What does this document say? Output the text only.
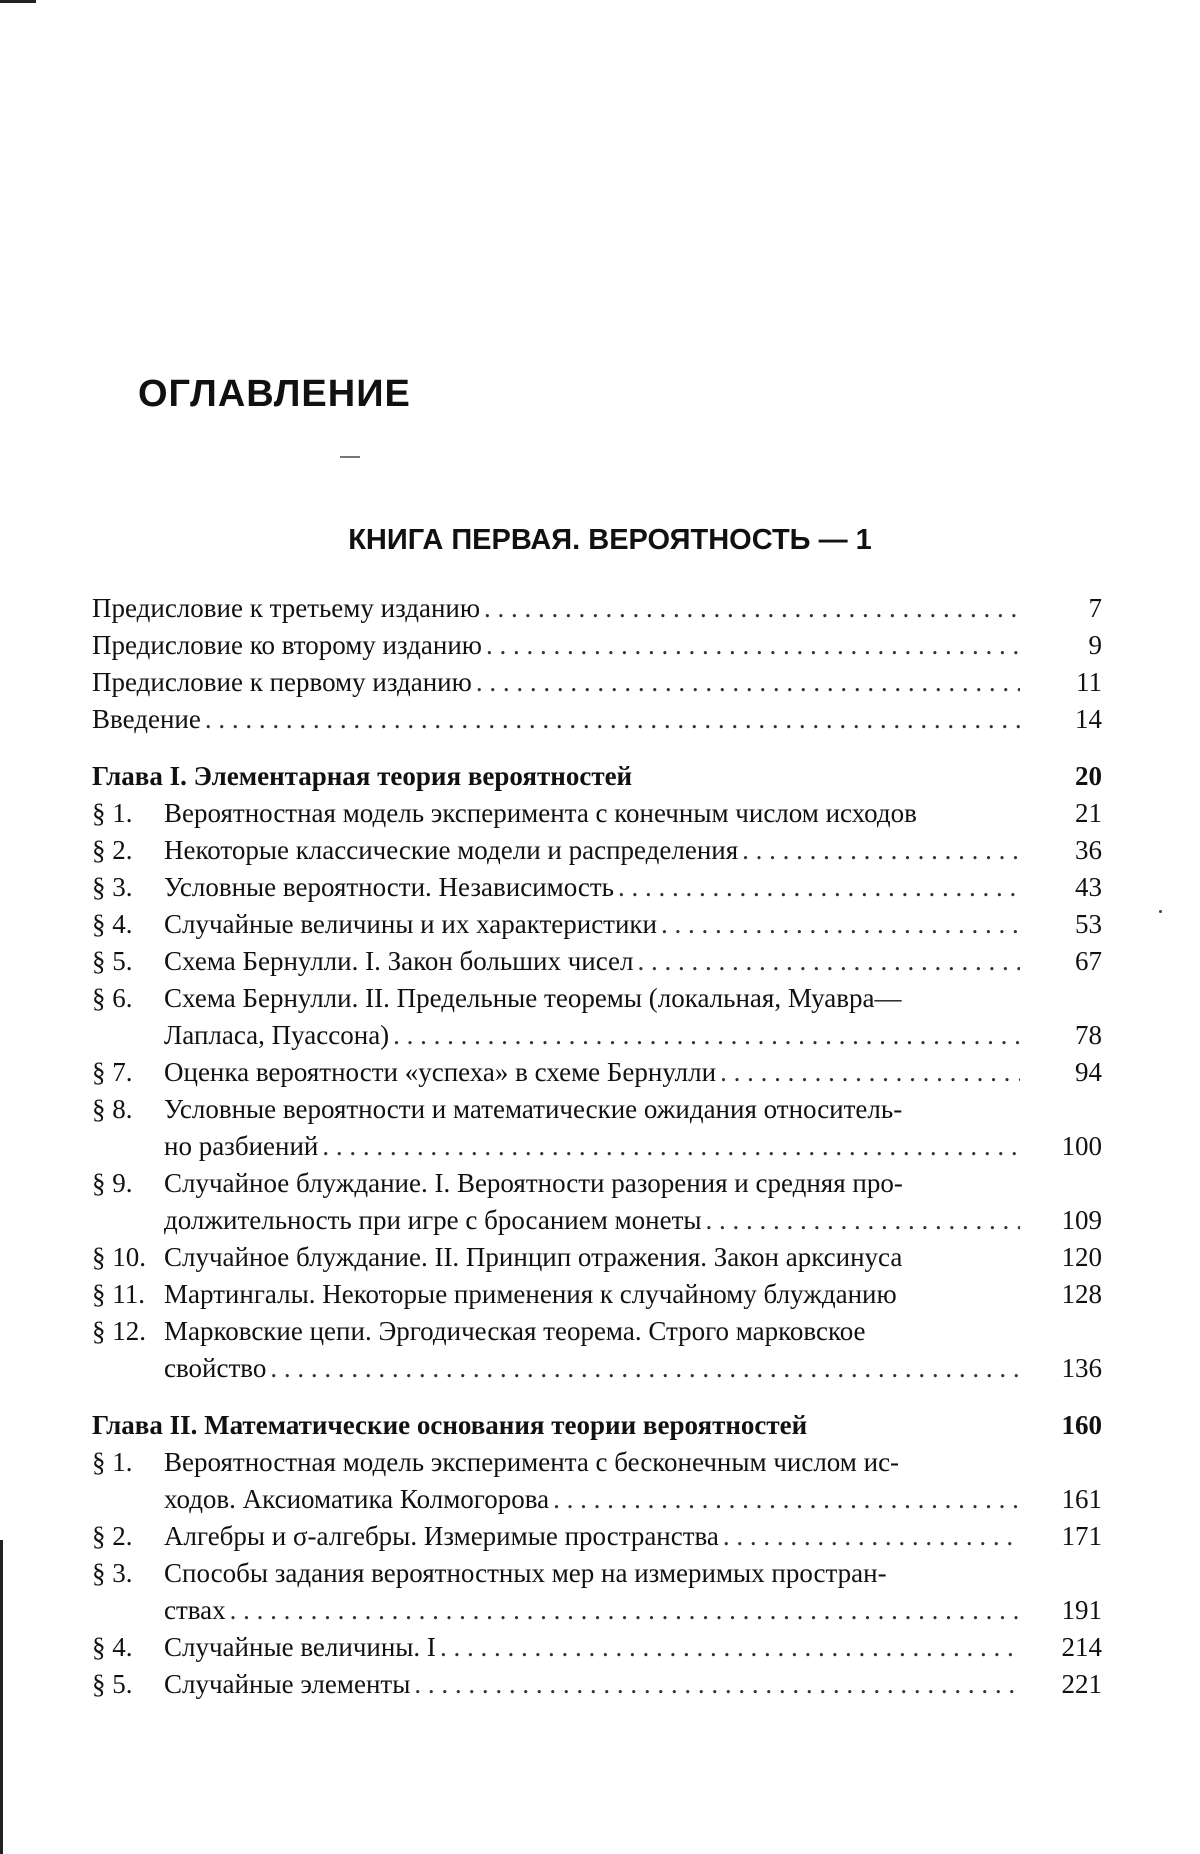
ОГЛАВЛЕНИЕ
КНИГА ПЕРВАЯ. ВЕРОЯТНОСТЬ — 1
Предисловие к третьему изданию . . .	7
Предисловие ко второму изданию . . .	9
Предисловие к первому изданию . . .	11
Введение . . .	14
Глава I. Элементарная теория вероятностей	20
§ 1.	Вероятностная модель эксперимента с конечным числом исходов	21
§ 2.	Некоторые классические модели и распределения . . .	36
§ 3.	Условные вероятности. Независимость . . .	43
§ 4.	Случайные величины и их характеристики . . .	53
§ 5.	Схема Бернулли. I. Закон больших чисел . . .	67
§ 6.	Схема Бернулли. II. Предельные теоремы (локальная, Муавра—
Лапласа, Пуассона) . . .	78
§ 7.	Оценка вероятности «успеха» в схеме Бернулли . . .	94
§ 8.	Условные вероятности и математические ожидания относитель-
но разбиений . . .	100
§ 9.	Случайное блуждание. I. Вероятности разорения и средняя про-
должительность при игре с бросанием монеты . . .	109
§ 10. Случайное блуждание. II. Принцип отражения. Закон арксинуса	120
§ 11. Мартингалы. Некоторые применения к случайному блужданию	128
§ 12. Марковские цепи. Эргодическая теорема. Строго марковское
свойство . . .	136
Глава II. Математические основания теории вероятностей	160
§ 1.	Вероятностная модель эксперимента с бесконечным числом ис-
ходов. Аксиоматика Колмогорова . . .	161
§ 2.	Алгебры и σ-алгебры. Измеримые пространства . . .	171
§ 3.	Способы задания вероятностных мер на измеримых простран-
ствах . . .	191
§ 4.	Случайные величины. I . . .	214
§ 5.	Случайные элементы . . .	221
